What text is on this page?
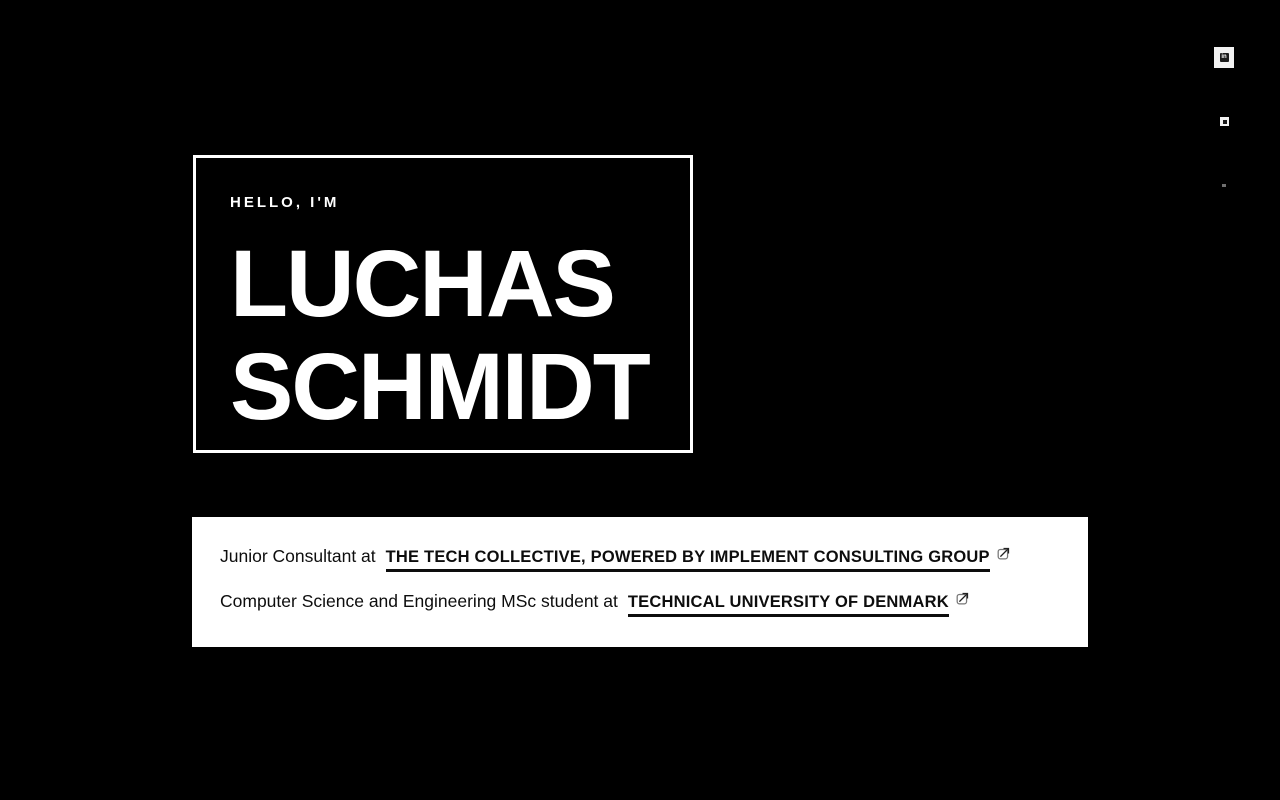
HELLO, I'M
LUCHAS
SCHMIDT
Junior Consultant at THE TECH COLLECTIVE, POWERED BY IMPLEMENT CONSULTING GROUP
Computer Science and Engineering MSc student at TECHNICAL UNIVERSITY OF DENMARK
in
